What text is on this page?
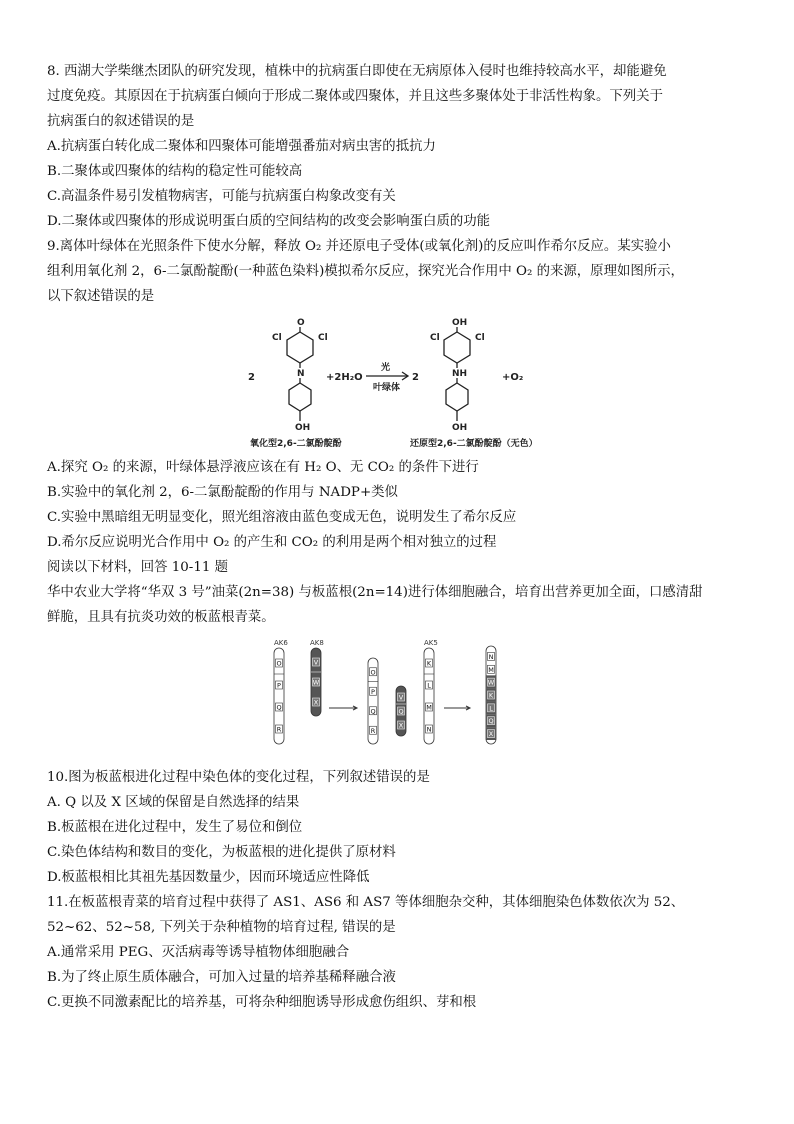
8. 西湖大学柴继杰团队的研究发现，植株中的抗病蛋白即使在无病原体入侵时也维持较高水平，却能避免
过度免疫。其原因在于抗病蛋白倾向于形成二聚体或四聚体，并且这些多聚体处于非活性构象。下列关于
抗病蛋白的叙述错误的是
A.抗病蛋白转化成二聚体和四聚体可能增强番茄对病虫害的抵抗力
B.二聚体或四聚体的结构的稳定性可能较高
C.高温条件易引发植物病害，可能与抗病蛋白构象改变有关
D.二聚体或四聚体的形成说明蛋白质的空间结构的改变会影响蛋白质的功能
9.离体叶绿体在光照条件下使水分解，释放 O₂ 并还原电子受体(或氧化剂)的反应叫作希尔反应。某实验小
组利用氧化剂 2，6-二氯酚靛酚(一种蓝色染料)模拟希尔反应，探究光合作用中 O₂ 的来源，原理如图所示，
以下叙述错误的是
A.探究 O₂ 的来源，叶绿体悬浮液应该在有 H₂ O、无 CO₂ 的条件下进行
B.实验中的氧化剂 2，6-二氯酚靛酚的作用与 NADP+类似
C.实验中黑暗组无明显变化，照光组溶液由蓝色变成无色，说明发生了希尔反应
D.希尔反应说明光合作用中 O₂ 的产生和 CO₂ 的利用是两个相对独立的过程
阅读以下材料，回答 10-11 题
华中农业大学将“华双 3 号”油菜(2n=38) 与板蓝根(2n=14)进行体细胞融合，培育出营养更加全面，口感清甜
鲜脆，且具有抗炎功效的板蓝根青菜。
10.图为板蓝根进化过程中染色体的变化过程，下列叙述错误的是
A. Q 以及 X 区域的保留是自然选择的结果
B.板蓝根在进化过程中，发生了易位和倒位
C.染色体结构和数目的变化，为板蓝根的进化提供了原材料
D.板蓝根相比其祖先基因数量少，因而环境适应性降低
11.在板蓝根青菜的培育过程中获得了 AS1、AS6 和 AS7 等体细胞杂交种，其体细胞染色体数依次为 52、
52~62、52~58, 下列关于杂种植物的培育过程, 错误的是
A.通常采用 PEG、灭活病毒等诱导植物体细胞融合
B.为了终止原生质体融合，可加入过量的培养基稀释融合液
C.更换不同激素配比的培养基，可将杂种细胞诱导形成愈伤组织、芽和根
O
Cl	Cl
N
OH
OH
Cl	Cl
NH
OH
2	+2H₂O
光
叶绿体
2	+O₂
氧化型2,6-二氯酚靛酚	还原型2,6-二氯酚靛酚（无色）
AK6	AK8	AK5
O
P
Q
R
V
W
X
O
P
Q
R
V
Q
X
K
L
M
N
N
M
W
K
L
Q
X
